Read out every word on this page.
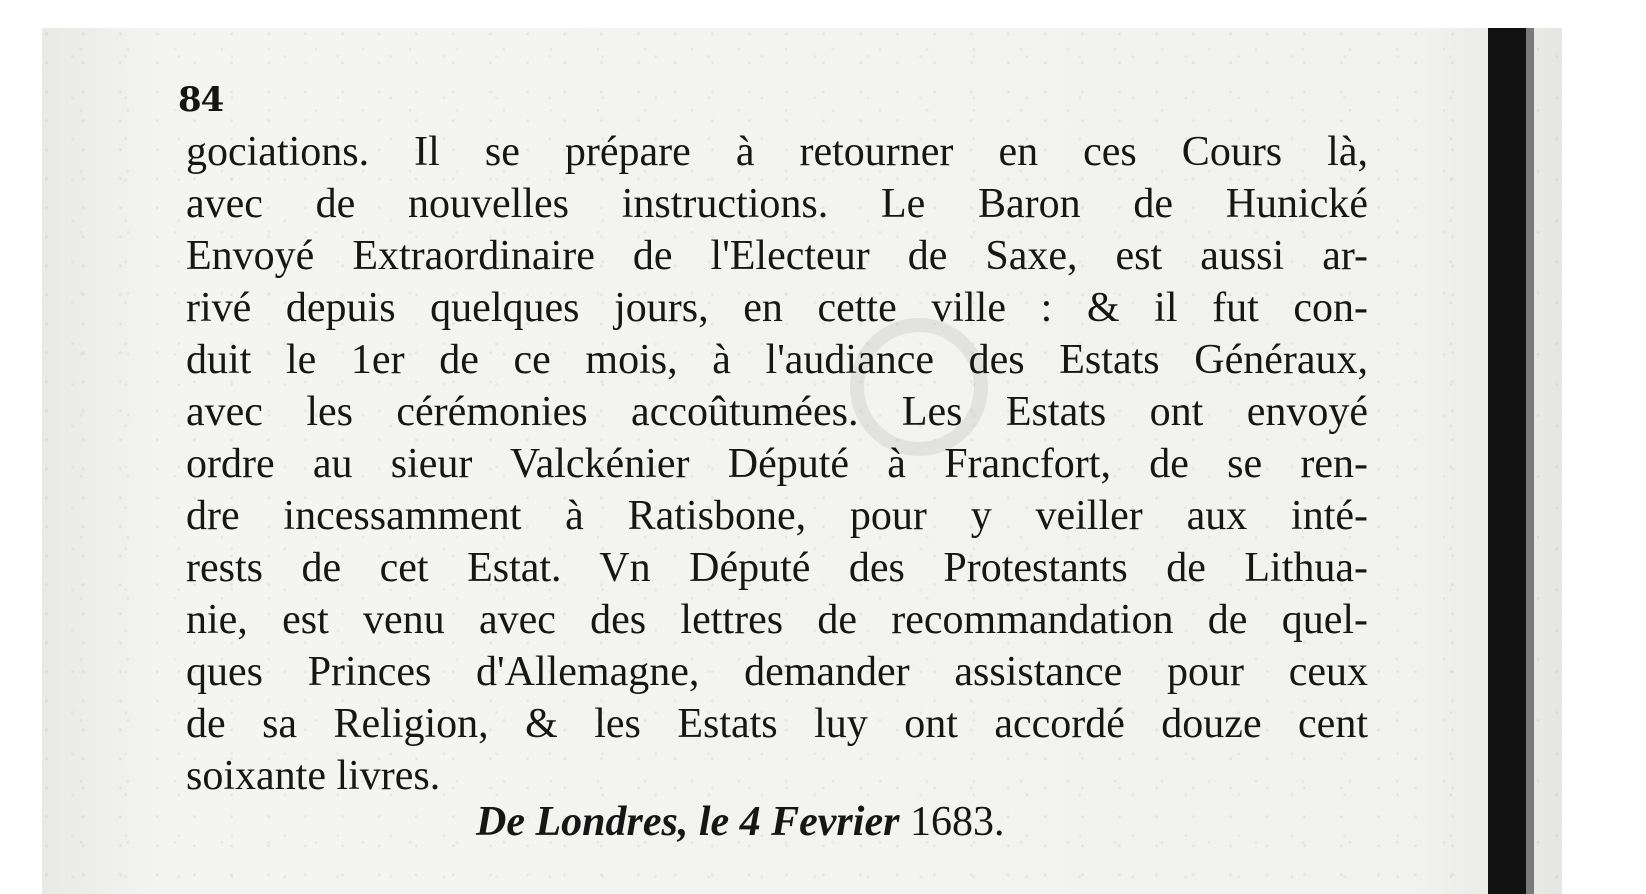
84
gociations. Il se prépare à retourner en ces Cours là,
avec de nouvelles instructions. Le Baron de Hunické
Envoyé Extraordinaire de l'Electeur de Saxe, est aussi ar-
rivé depuis quelques jours, en cette ville : & il fut con-
duit le 1er de ce mois, à l'audiance des Estats Généraux,
avec les cérémonies accoûtumées. Les Estats ont envoyé
ordre au sieur Valckénier Député à Francfort, de se ren-
dre incessamment à Ratisbone, pour y veiller aux inté-
rests de cet Estat. Vn Député des Protestants de Lithua-
nie, est venu avec des lettres de recommandation de quel-
ques Princes d'Allemagne, demander assistance pour ceux
de sa Religion, & les Estats luy ont accordé douze cent
soixante livres.
De Londres, le 4 Fevrier 1683.
